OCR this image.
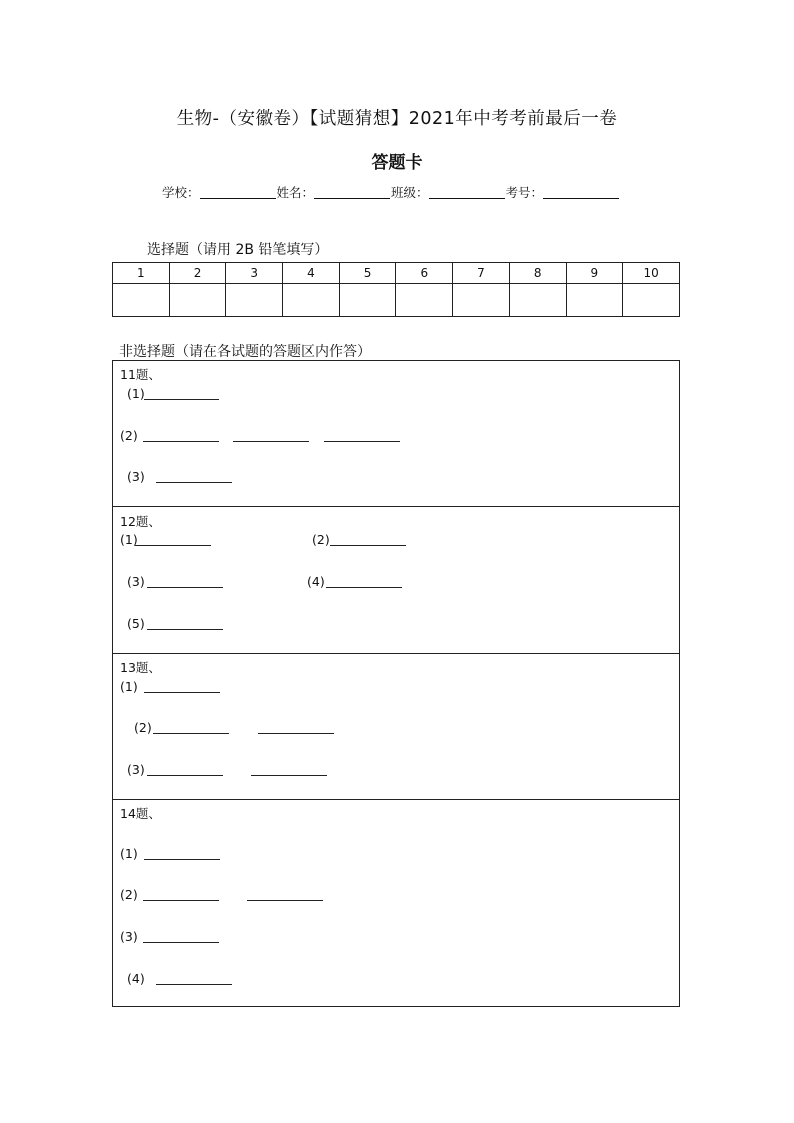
生物-（安徽卷）【试题猜想】2021年中考考前最后一卷
答题卡
学校：	姓名：	班级：	考号：
选择题（请用 2B 铅笔填写）
1	2	3	4	5	6	7	8	9	10

非选择题（请在各试题的答题区内作答）
11题、
(1)
(2)
(3)
12题、
(1)	(2)
(3)	(4)
(5)
13题、
(1)
(2)
(3)
14题、
(1)
(2)
(3)
(4)
